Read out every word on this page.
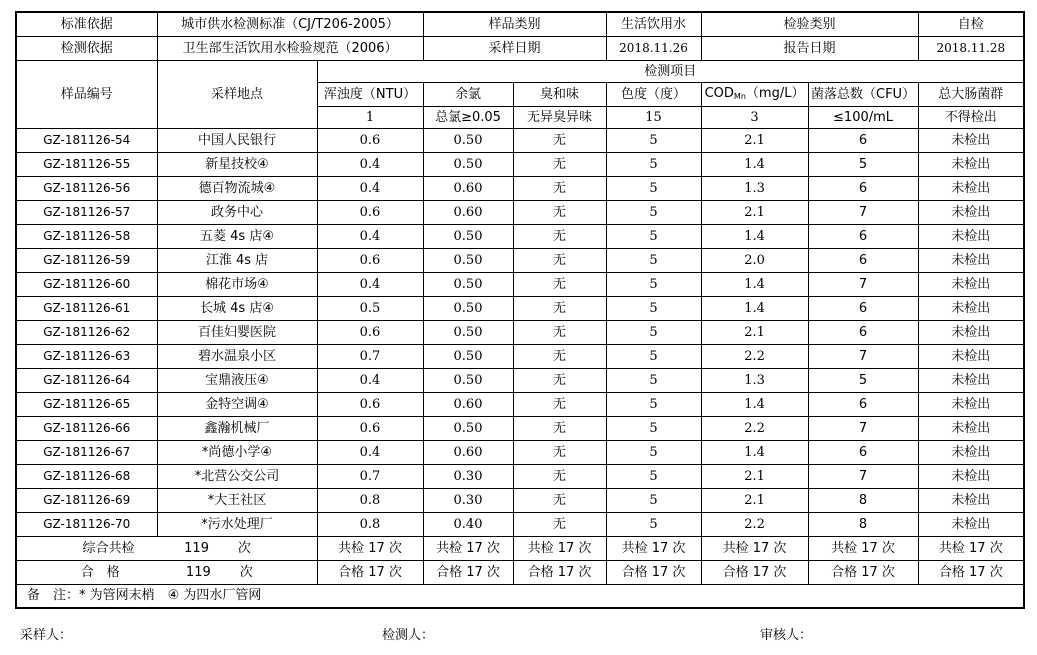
标准依据	城市供水检测标准（CJ/T206-2005）		样品类别		生活饮用水	检验类别		自检
检测依据	卫生部生活饮用水检验规范（2006）		采样日期		2018.11.26	报告日期		2018.11.28
样品编号	采样地点	检测项目						
		浑浊度（NTU）	余氯	臭和味	色度（度）	$COD_{Mn}(mg/L)$	菌落总数（CFU）	总大肠菌群
		1	总氯≥0.05	无异臭异味	15	3	≤100/mL	不得检出
GZ-181126-54	中国人民银行	0.6	0.50	无	5	2.1	6	未检出
GZ-181126-55	新星技校④	0.4	0.50	无	5	1.4	5	未检出
GZ-181126-56	德百物流城④	0.4	0.60	无	5	1.3	6	未检出
GZ-181126-57	政务中心	0.6	0.60	无	5	2.1	7	未检出
GZ-181126-58	五菱 4s 店④	0.4	0.50	无	5	1.4	6	未检出
GZ-181126-59	江淮 4s 店	0.6	0.50	无	5	2.0	6	未检出
GZ-181126-60	棉花市场④	0.4	0.50	无	5	1.4	7	未检出
GZ-181126-61	长城 4s 店④	0.5	0.50	无	5	1.4	6	未检出
GZ-181126-62	百佳妇婴医院	0.6	0.50	无	5	2.1	6	未检出
GZ-181126-63	碧水温泉小区	0.7	0.50	无	5	2.2	7	未检出
GZ-181126-64	宝鼎液压④	0.4	0.50	无	5	1.3	5	未检出
GZ-181126-65	金特空调④	0.6	0.60	无	5	1.4	6	未检出
GZ-181126-66	鑫瀚机械厂	0.6	0.50	无	5	2.2	7	未检出
GZ-181126-67	*尚德小学④	0.4	0.60	无	5	1.4	6	未检出
GZ-181126-68	*北营公交公司	0.7	0.30	无	5	2.1	7	未检出
GZ-181126-69	*大王社区	0.8	0.30	无	5	2.1	8	未检出
GZ-181126-70	*污水处理厂	0.8	0.40	无	5	2.2	8	未检出
综合共检 119 次		共检 17 次	共检 17 次	共检 17 次	共检 17 次	共检 17 次	共检 17 次	共检 17 次
合　格 119 次		合格 17 次	合格 17 次	合格 17 次	合格 17 次	合格 17 次	合格 17 次	合格 17 次
备　注：* 为管网末梢　④ 为四水厂管网								
采样人：	检测人：	审核人：
